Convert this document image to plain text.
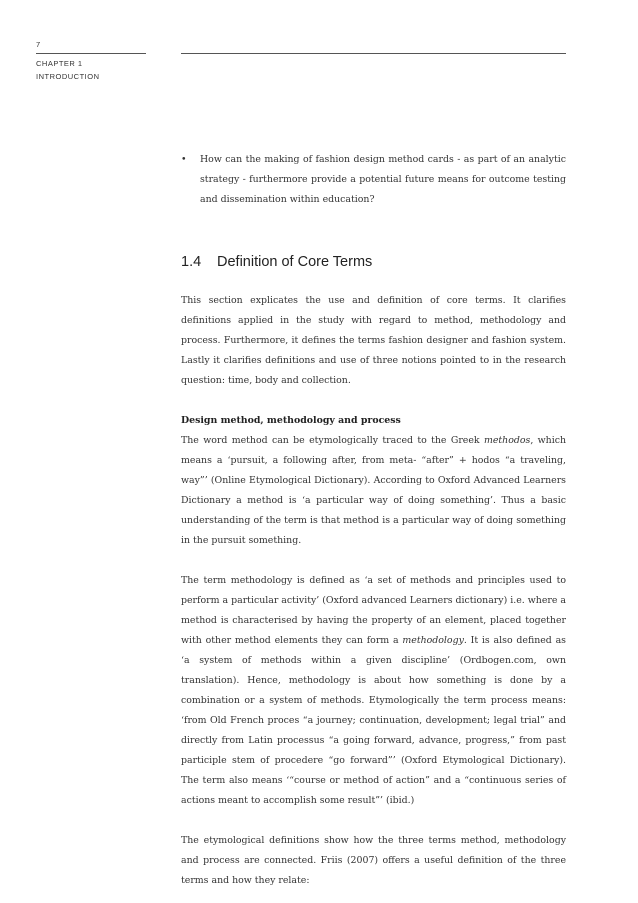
7
CHAPTER 1
INTRODUCTION
• How can the making of fashion design method cards - as part of an analytic strategy - furthermore provide a potential future means for outcome testing and dissemination within education?
1.4 Definition of Core Terms

This section explicates the use and definition of core terms. It clarifies definitions applied in the study with regard to method, methodology and process. Furthermore, it defines the terms fashion designer and fashion system. Lastly it clarifies definitions and use of three notions pointed to in the research question: time, body and collection.

Design method, methodology and process

The word method can be etymologically traced to the Greek methodos, which means a ‘pursuit, a following after, from meta- “after” + hodos “a traveling, way”’ (Online Etymological Dictionary). According to Oxford Advanced Learners Dictionary a method is ‘a particular way of doing something’. Thus a basic understanding of the term is that method is a particular way of doing something in the pursuit something.

The term methodology is defined as ‘a set of methods and principles used to perform a particular activity’ (Oxford advanced Learners dictionary) i.e. where a method is characterised by having the property of an element, placed together with other method elements they can form a methodology. It is also defined as ‘a system of methods within a given discipline’ (Ordbogen.com, own translation). Hence, methodology is about how something is done by a combination or a system of methods. Etymologically the term process means: ‘from Old French proces “a journey; continuation, development; legal trial” and directly from Latin processus “a going forward, advance, progress,” from past participle stem of procedere “go forward”’ (Oxford Etymological Dictionary). The term also means ‘“course or method of action” and a “continuous series of actions meant to accomplish some result”’ (ibid.)

The etymological definitions show how the three terms method, methodology and process are connected. Friis (2007) offers a useful definition of the three terms and how they relate:
